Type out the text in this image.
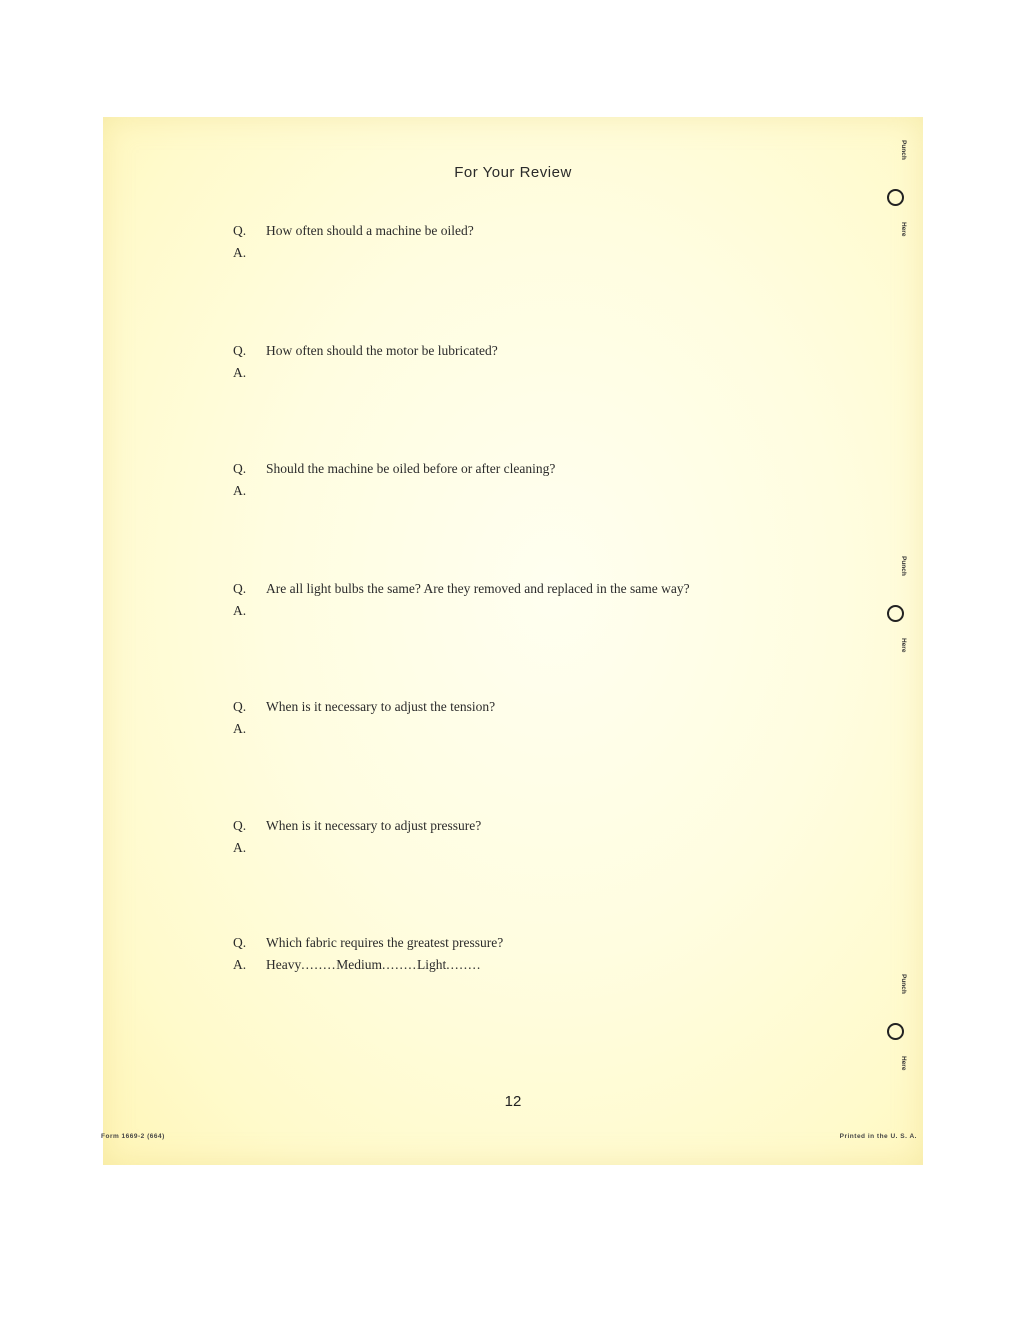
For Your Review
Q.	How often should a machine be oiled?
A.
Q.	How often should the motor be lubricated?
A.
Q.	Should the machine be oiled before or after cleaning?
A.
Q.	Are all light bulbs the same? Are they removed and replaced in the same way?
A.
Q.	When is it necessary to adjust the tension?
A.
Q.	When is it necessary to adjust pressure?
A.
Q.	Which fabric requires the greatest pressure?
A.	Heavy ........ Medium ........ Light ........
Punch
Here
Punch
Here
Punch
Here
12
Form 1669-2 (664)	Printed in the U. S. A.
